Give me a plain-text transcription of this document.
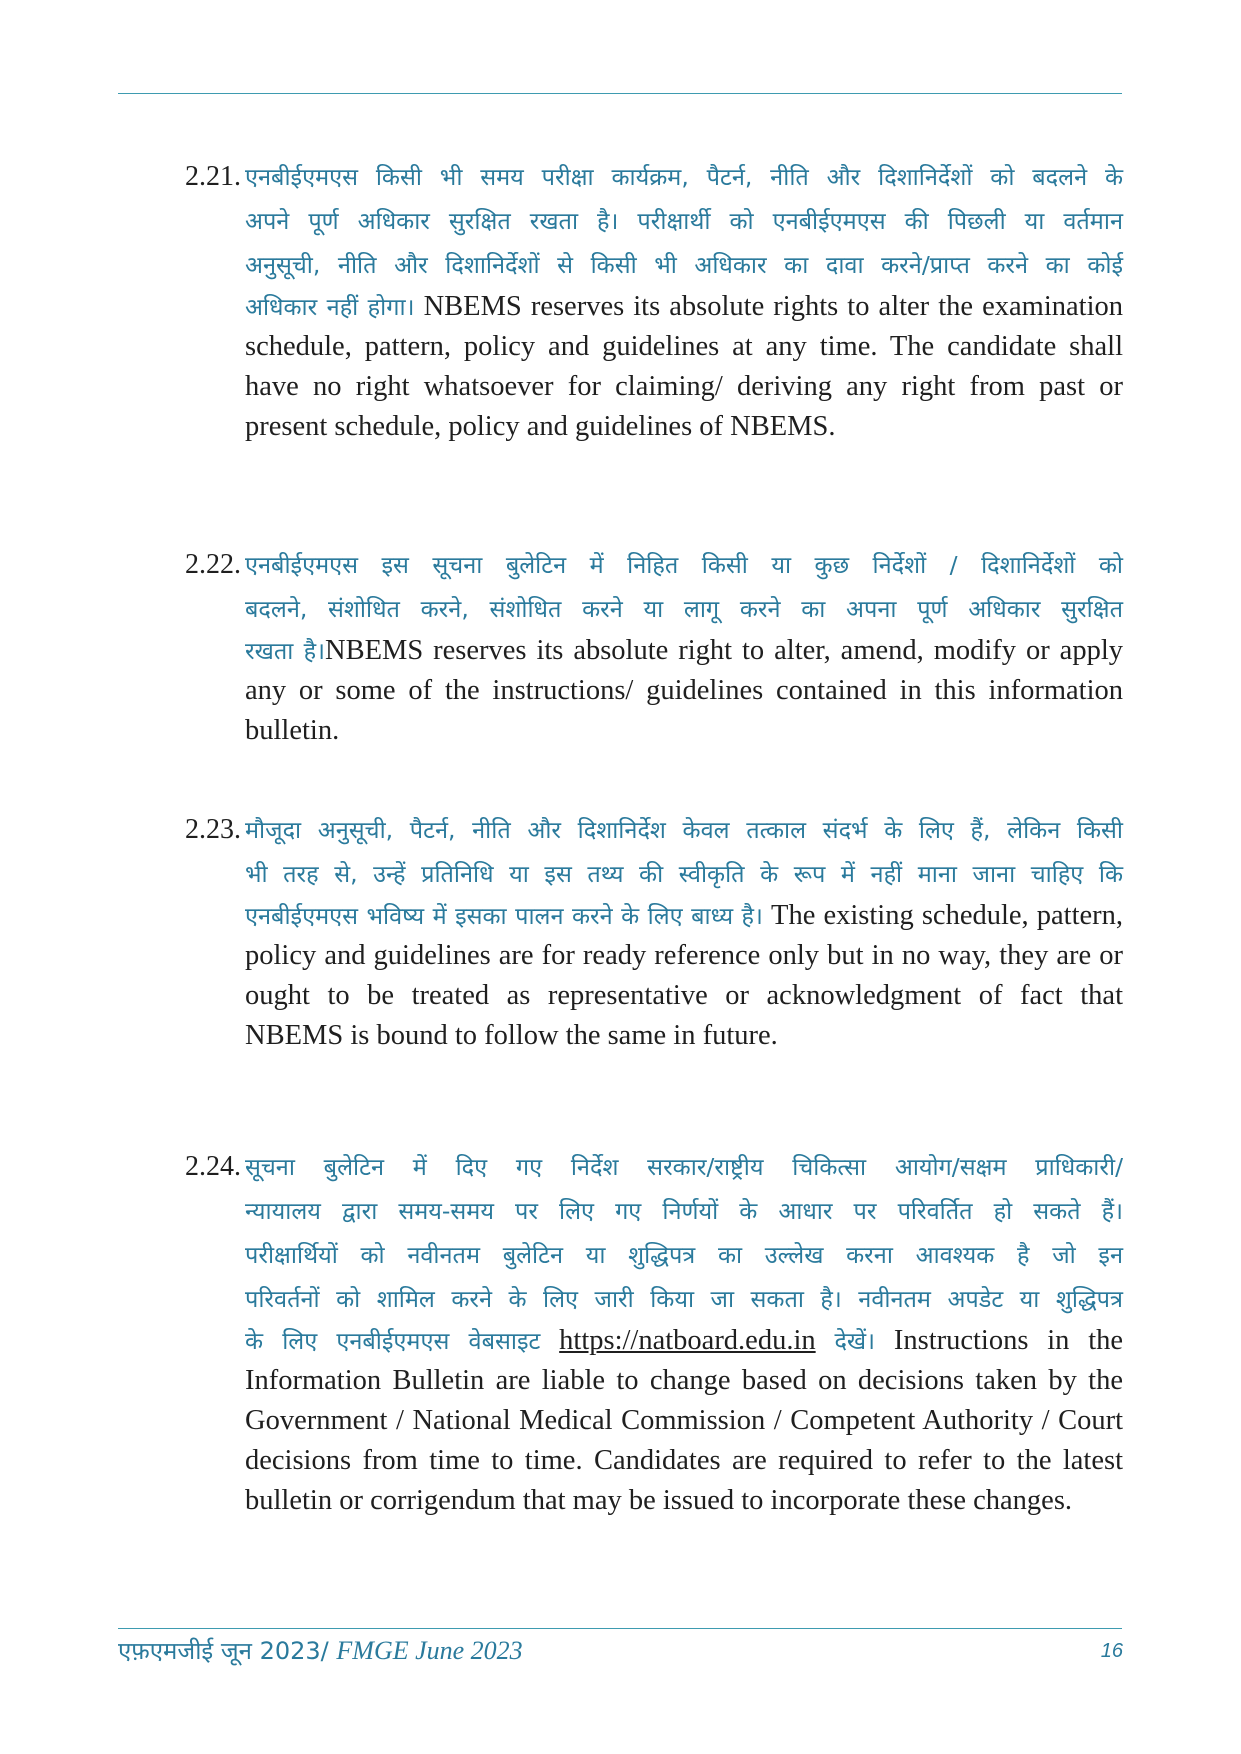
2.21. एनबीईएमएस किसी भी समय परीक्षा कार्यक्रम, पैटर्न, नीति और दिशानिर्देशों को बदलने के
अपने पूर्ण अधिकार सुरक्षित रखता है। परीक्षार्थी को एनबीईएमएस की पिछली या वर्तमान
अनुसूची, नीति और दिशानिर्देशों से किसी भी अधिकार का दावा करने/प्राप्त करने का कोई
अधिकार नहीं होगा। NBEMS reserves its absolute rights to alter the examination schedule, pattern, policy and guidelines at any time. The candidate shall have no right whatsoever for claiming/ deriving any right from past or present schedule, policy and guidelines of NBEMS.
2.22. एनबीईएमएस इस सूचना बुलेटिन में निहित किसी या कुछ निर्देशों / दिशानिर्देशों को
बदलने, संशोधित करने, संशोधित करने या लागू करने का अपना पूर्ण अधिकार सुरक्षित
रखता है।NBEMS reserves its absolute right to alter, amend, modify or apply any or some of the instructions/ guidelines contained in this information bulletin.
2.23. मौजूदा अनुसूची, पैटर्न, नीति और दिशानिर्देश केवल तत्काल संदर्भ के लिए हैं, लेकिन किसी
भी तरह से, उन्हें प्रतिनिधि या इस तथ्य की स्वीकृति के रूप में नहीं माना जाना चाहिए कि
एनबीईएमएस भविष्य में इसका पालन करने के लिए बाध्य है। The existing schedule, pattern, policy and guidelines are for ready reference only but in no way, they are or ought to be treated as representative or acknowledgment of fact that NBEMS is bound to follow the same in future.
2.24. सूचना बुलेटिन में दिए गए निर्देश सरकार/राष्ट्रीय चिकित्सा आयोग/सक्षम प्राधिकारी/
न्यायालय द्वारा समय-समय पर लिए गए निर्णयों के आधार पर परिवर्तित हो सकते हैं।
परीक्षार्थियों को नवीनतम बुलेटिन या शुद्धिपत्र का उल्लेख करना आवश्यक है जो इन
परिवर्तनों को शामिल करने के लिए जारी किया जा सकता है। नवीनतम अपडेट या शुद्धिपत्र
के लिए एनबीईएमएस वेबसाइट https://natboard.edu.in देखें। Instructions in the Information Bulletin are liable to change based on decisions taken by the Government / National Medical Commission / Competent Authority / Court decisions from time to time. Candidates are required to refer to the latest bulletin or corrigendum that may be issued to incorporate these changes.
एफ़एमजीई जून 2023/ FMGE June 2023	16
